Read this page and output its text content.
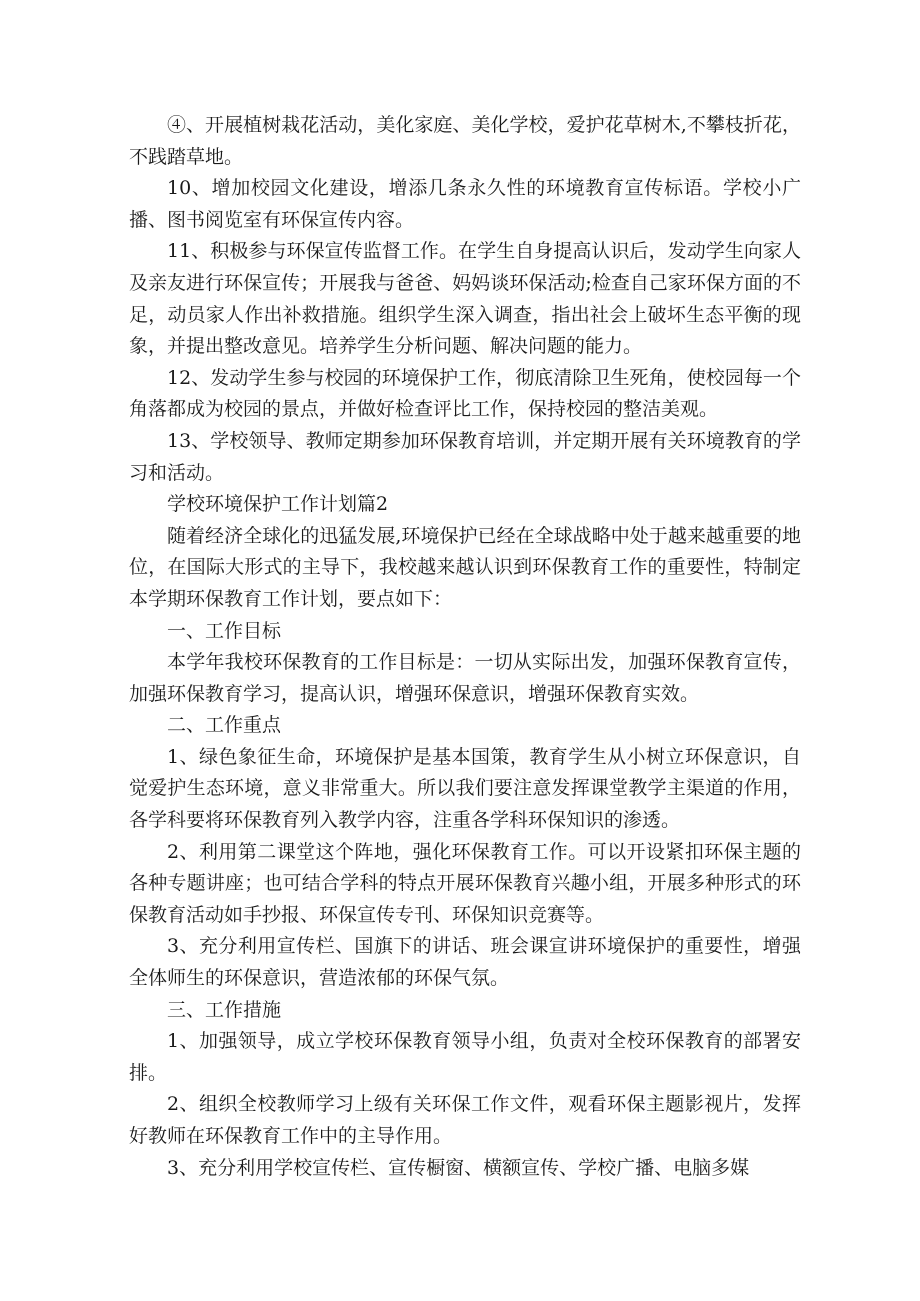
④、开展植树栽花活动，美化家庭、美化学校，爱护花草树木,不攀枝折花，不践踏草地。

10、增加校园文化建设，增添几条永久性的环境教育宣传标语。学校小广播、图书阅览室有环保宣传内容。

11、积极参与环保宣传监督工作。在学生自身提高认识后，发动学生向家人及亲友进行环保宣传；开展我与爸爸、妈妈谈环保活动;检查自己家环保方面的不足，动员家人作出补救措施。组织学生深入调查，指出社会上破坏生态平衡的现象，并提出整改意见。培养学生分析问题、解决问题的能力。

12、发动学生参与校园的环境保护工作，彻底清除卫生死角，使校园每一个角落都成为校园的景点，并做好检查评比工作，保持校园的整洁美观。

13、学校领导、教师定期参加环保教育培训，并定期开展有关环境教育的学习和活动。

学校环境保护工作计划篇2

随着经济全球化的迅猛发展,环境保护已经在全球战略中处于越来越重要的地位，在国际大形式的主导下，我校越来越认识到环保教育工作的重要性，特制定本学期环保教育工作计划，要点如下：

一、工作目标

本学年我校环保教育的工作目标是：一切从实际出发，加强环保教育宣传，加强环保教育学习，提高认识，增强环保意识，增强环保教育实效。

二、工作重点

1、绿色象征生命，环境保护是基本国策，教育学生从小树立环保意识，自觉爱护生态环境，意义非常重大。所以我们要注意发挥课堂教学主渠道的作用，各学科要将环保教育列入教学内容，注重各学科环保知识的渗透。

2、利用第二课堂这个阵地，强化环保教育工作。可以开设紧扣环保主题的各种专题讲座；也可结合学科的特点开展环保教育兴趣小组，开展多种形式的环保教育活动如手抄报、环保宣传专刊、环保知识竞赛等。

3、充分利用宣传栏、国旗下的讲话、班会课宣讲环境保护的重要性，增强全体师生的环保意识，营造浓郁的环保气氛。

三、工作措施

1、加强领导，成立学校环保教育领导小组，负责对全校环保教育的部署安排。

2、组织全校教师学习上级有关环保工作文件，观看环保主题影视片，发挥好教师在环保教育工作中的主导作用。

3、充分利用学校宣传栏、宣传橱窗、横额宣传、学校广播、电脑多媒
